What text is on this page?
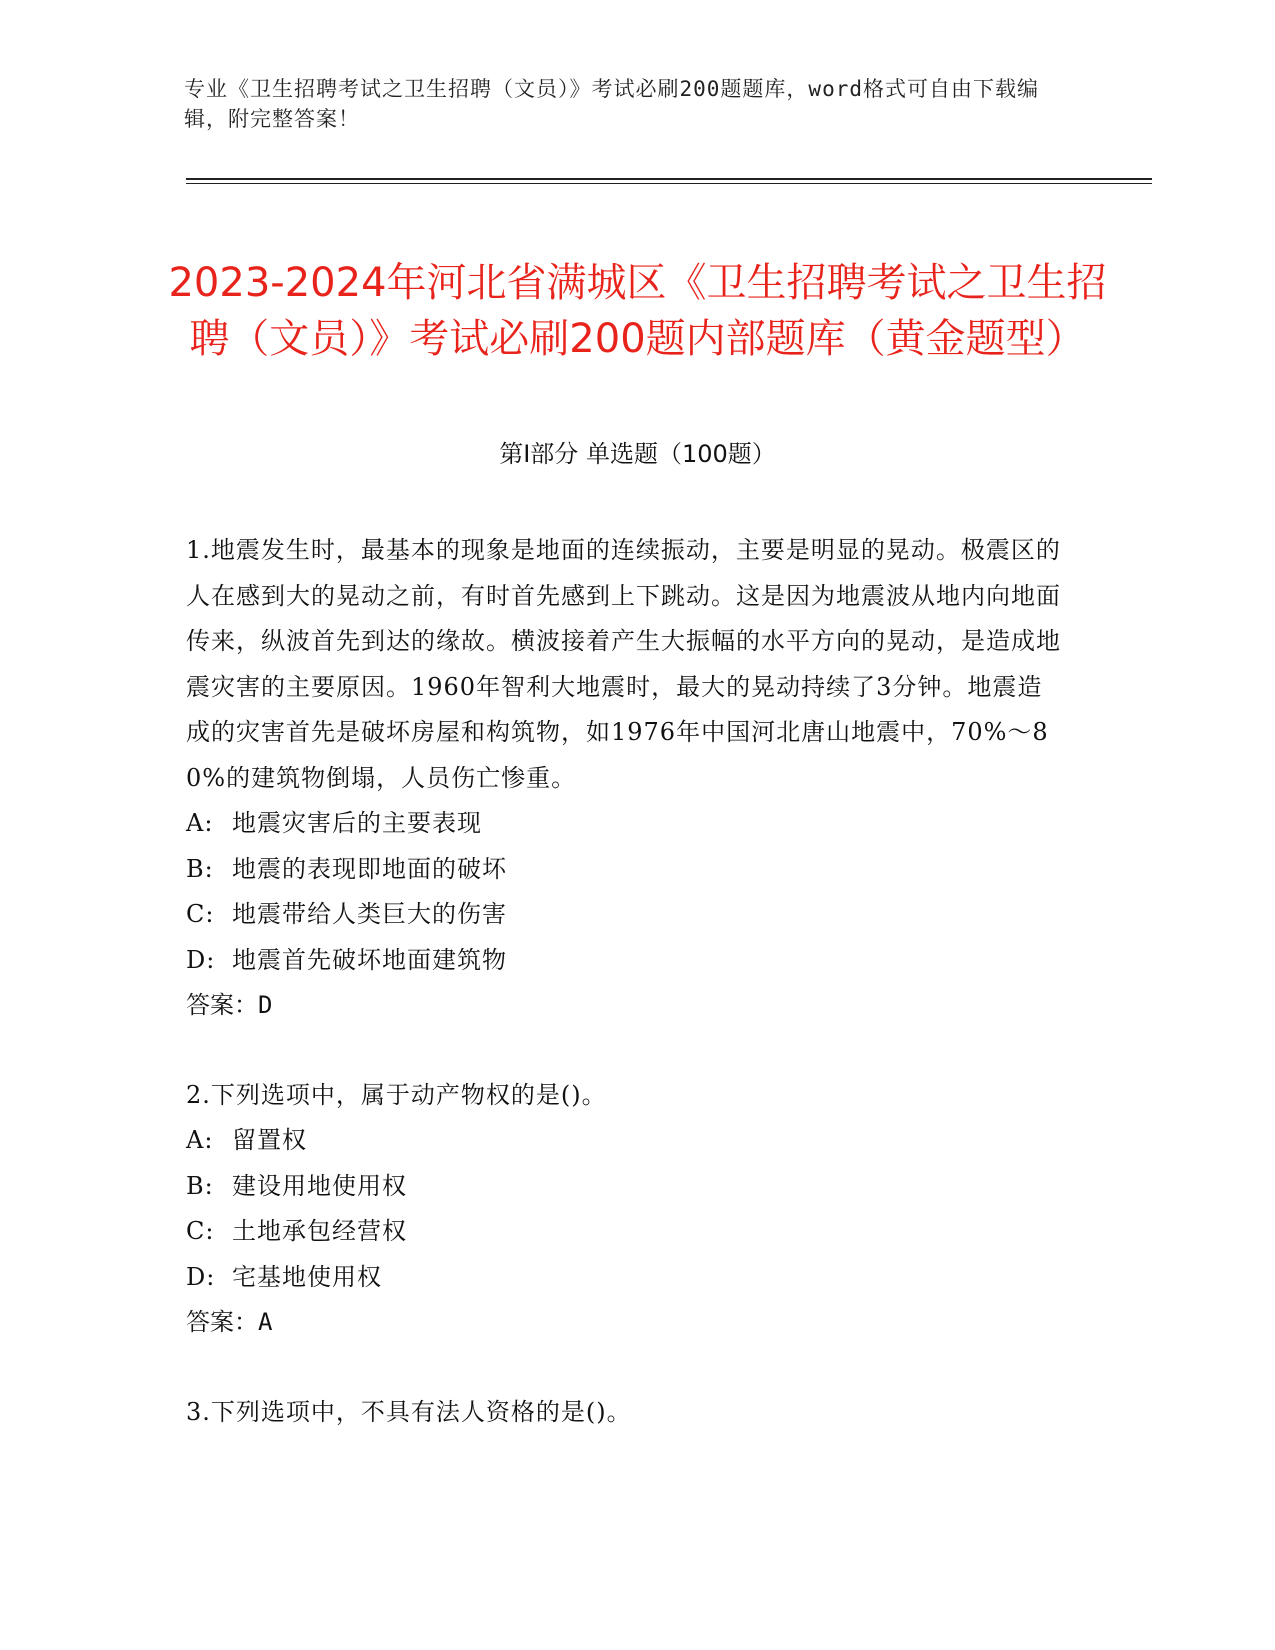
专业《卫生招聘考试之卫生招聘（文员）》考试必刷200题题库，word格式可自由下载编辑，附完整答案！
2023-2024年河北省满城区《卫生招聘考试之卫生招聘（文员）》考试必刷200题内部题库（黄金题型）
第I部分 单选题（100题）

1.地震发生时，最基本的现象是地面的连续振动，主要是明显的晃动。极震区的人在感到大的晃动之前，有时首先感到上下跳动。这是因为地震波从地内向地面传来，纵波首先到达的缘故。横波接着产生大振幅的水平方向的晃动，是造成地震灾害的主要原因。1960年智利大地震时，最大的晃动持续了3分钟。地震造成的灾害首先是破坏房屋和构筑物，如1976年中国河北唐山地震中，70%～80%的建筑物倒塌，人员伤亡惨重。

A: 地震灾害后的主要表现
B: 地震的表现即地面的破坏
C: 地震带给人类巨大的伤害
D: 地震首先破坏地面建筑物

答案：D

2.下列选项中，属于动产物权的是()。

A: 留置权
B: 建设用地使用权
C: 土地承包经营权
D: 宅基地使用权

答案：A

3.下列选项中，不具有法人资格的是()。
